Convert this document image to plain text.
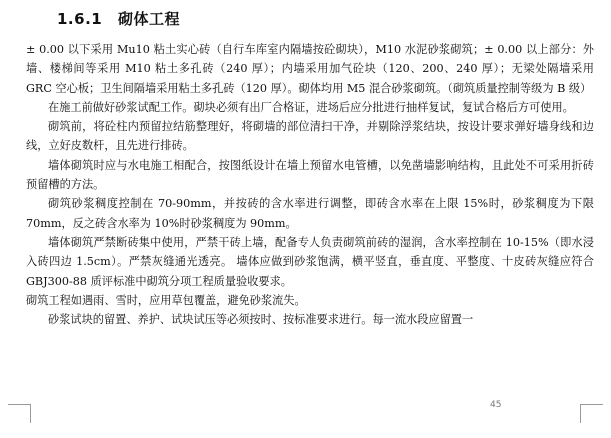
1.6.1 砌体工程

± 0.00 以下采用 Mu10 粘土实心砖（自行车库室内隔墙按砼砌块），M10 水泥砂浆砌筑；± 0.00 以上部分：外墙、楼梯间等采用 M10 粘土多孔砖（240 厚）；内墙采用加气砼块（120、200、240 厚）；无梁处隔墙采用 GRC 空心板；卫生间隔墙采用粘土多孔砖（120 厚）。砌体均用 M5 混合砂浆砌筑。（砌筑质量控制等级为 B 级）

在施工前做好砂浆试配工作。砌块必须有出厂合格证，进场后应分批进行抽样复试，复试合格后方可使用。

砌筑前，将砼柱内预留拉结筋整理好，将砌墙的部位清扫干净，并剔除浮浆结块，按设计要求弹好墙身线和边线，立好皮数杆，且先进行排砖。

墙体砌筑时应与水电施工相配合，按图纸设计在墙上预留水电管槽，以免凿墙影响结构，且此处不可采用折砖预留槽的方法。

砌筑砂浆稠度控制在 70-90mm，并按砖的含水率进行调整，即砖含水率在上限 15%时，砂浆稠度为下限 70mm，反之砖含水率为 10%时砂浆稠度为 90mm。

墙体砌筑严禁断砖集中使用，严禁干砖上墙，配备专人负责砌筑前砖的湿润，含水率控制在 10-15%（即水浸入砖四边 1.5cm）。严禁灰缝通光透亮。 墙体应做到砂浆饱满，横平竖直，垂直度、平整度、十皮砖灰缝应符合 GBJ300-88 质评标准中砌筑分项工程质量验收要求。

砌筑工程如遇雨、雪时，应用草包覆盖，避免砂浆流失。

砂浆试块的留置、养护、试块试压等必须按时、按标准要求进行。每一流水段应留置一

45
